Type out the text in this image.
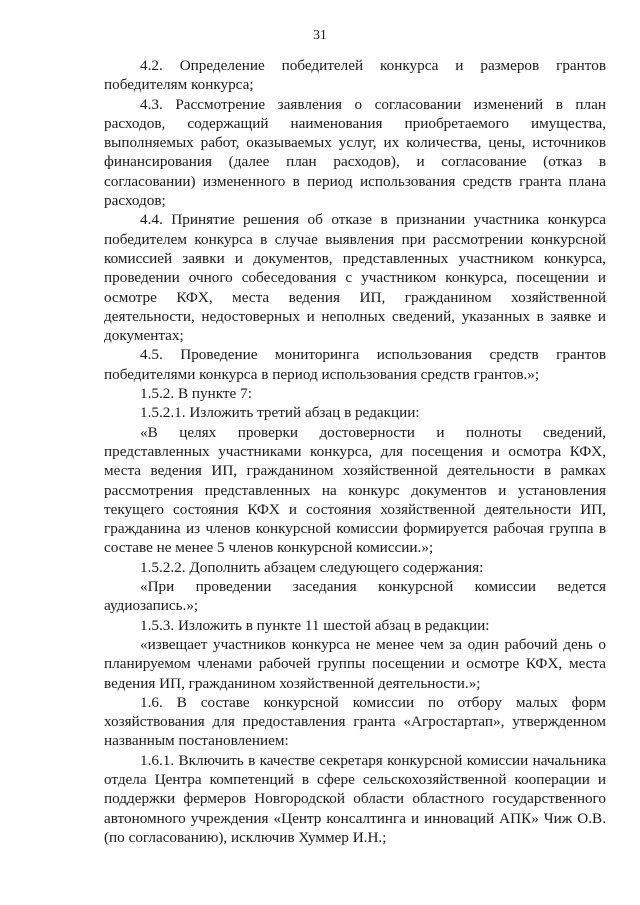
31

4.2. Определение победителей конкурса и размеров грантов победителям конкурса;

4.3. Рассмотрение заявления о согласовании изменений в план расходов, содержащий наименования приобретаемого имущества, выполняемых работ, оказываемых услуг, их количества, цены, источников финансирования (далее план расходов), и согласование (отказ в согласовании) измененного в период использования средств гранта плана расходов;

4.4. Принятие решения об отказе в признании участника конкурса победителем конкурса в случае выявления при рассмотрении конкурсной комиссией заявки и документов, представленных участником конкурса, проведении очного собеседования с участником конкурса, посещении и осмотре КФХ, места ведения ИП, гражданином хозяйственной деятельности, недостоверных и неполных сведений, указанных в заявке и документах;

4.5. Проведение мониторинга использования средств грантов победителями конкурса в период использования средств грантов.»;

1.5.2. В пункте 7:

1.5.2.1. Изложить третий абзац в редакции:

«В целях проверки достоверности и полноты сведений, представленных участниками конкурса, для посещения и осмотра КФХ, места ведения ИП, гражданином хозяйственной деятельности в рамках рассмотрения представленных на конкурс документов и установления текущего состояния КФХ и состояния хозяйственной деятельности ИП, гражданина из членов конкурсной комиссии формируется рабочая группа в составе не менее 5 членов конкурсной комиссии.»;

1.5.2.2. Дополнить абзацем следующего содержания:

«При проведении заседания конкурсной комиссии ведется аудиозапись.»;

1.5.3. Изложить в пункте 11 шестой абзац в редакции:

«извещает участников конкурса не менее чем за один рабочий день о планируемом членами рабочей группы посещении и осмотре КФХ, места ведения ИП, гражданином хозяйственной деятельности.»;

1.6. В составе конкурсной комиссии по отбору малых форм хозяйствования для предоставления гранта «Агростартап», утвержденном названным постановлением:

1.6.1. Включить в качестве секретаря конкурсной комиссии начальника отдела Центра компетенций в сфере сельскохозяйственной кооперации и поддержки фермеров Новгородской области областного государственного автономного учреждения «Центр консалтинга и инноваций АПК» Чиж О.В. (по согласованию), исключив Хуммер И.Н.;
